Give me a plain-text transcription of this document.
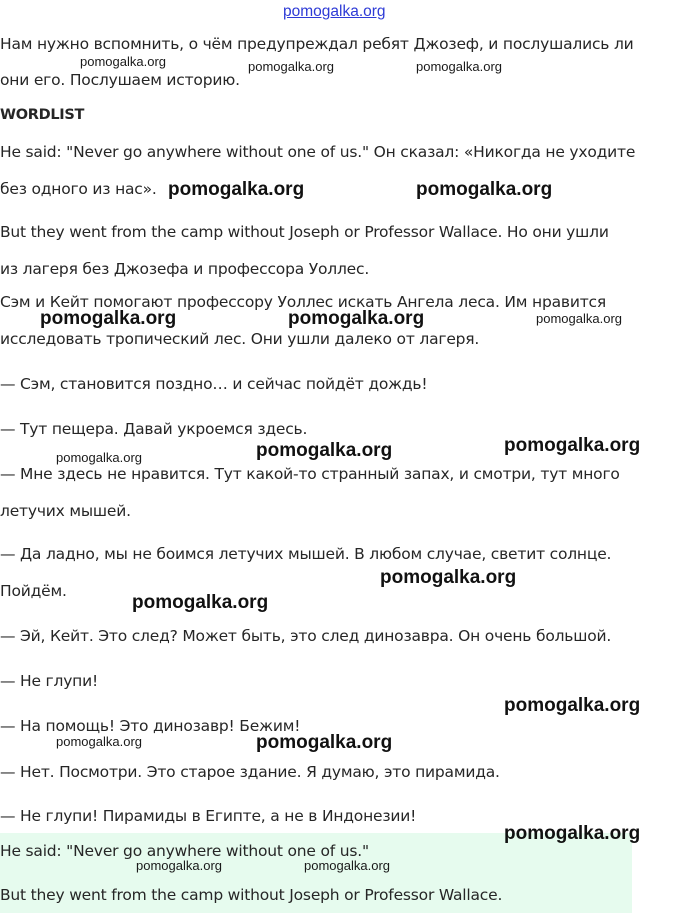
pomogalka.org
Нам нужно вспомнить, о чём предупреждал ребят Джозеф, и послушались ли
они его. Послушаем историю.
WORDLIST
He said: "Never go anywhere without one of us." Он сказал: «Никогда не уходите
без одного из нас».
But they went from the camp without Joseph or Professor Wallace. Но они ушли
из лагеря без Джозефа и профессора Уоллес.
Сэм и Кейт помогают профессору Уоллес искать Ангела леса. Им нравится
исследовать тропический лес. Они ушли далеко от лагеря.
— Сэм, становится поздно… и сейчас пойдёт дождь!
— Тут пещера. Давай укроемся здесь.
— Мне здесь не нравится. Тут какой-то странный запах, и смотри, тут много
летучих мышей.
— Да ладно, мы не боимся летучих мышей. В любом случае, светит солнце.
Пойдём.
— Эй, Кейт. Это след? Может быть, это след динозавра. Он очень большой.
— Не глупи!
— На помощь! Это динозавр! Бежим!
— Нет. Посмотри. Это старое здание. Я думаю, это пирамида.
— Не глупи! Пирамиды в Египте, а не в Индонезии!
He said: "Never go anywhere without one of us."
But they went from the camp without Joseph or Professor Wallace.
pomogalka.org	pomogalka.org	pomogalka.org
pomogalka.org	pomogalka.org
pomogalka.org	pomogalka.org	pomogalka.org
pomogalka.org	pomogalka.org
pomogalka.org
pomogalka.org
pomogalka.org
pomogalka.org
pomogalka.org	pomogalka.org
pomogalka.org
pomogalka.org	pomogalka.org
